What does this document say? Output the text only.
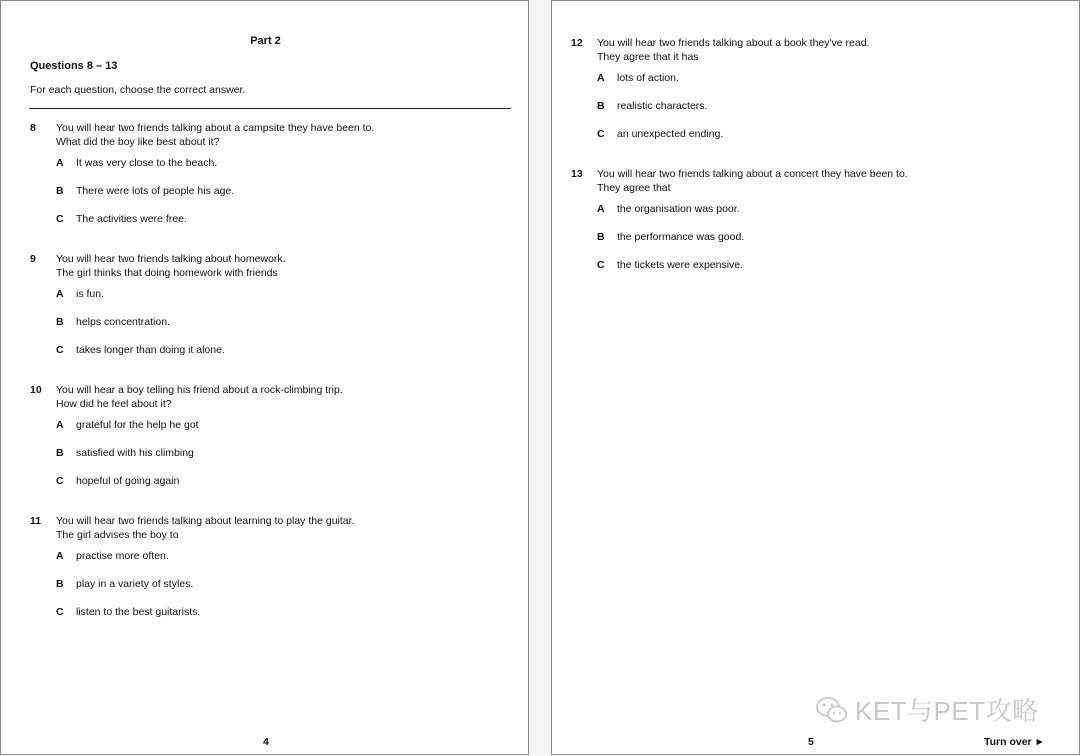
Part 2
Questions 8 – 13
For each question, choose the correct answer.
8 You will hear two friends talking about a campsite they have been to.
What did the boy like best about it?
A It was very close to the beach.
B There were lots of people his age.
C The activities were free.
9 You will hear two friends talking about homework.
The girl thinks that doing homework with friends
A is fun.
B helps concentration.
C takes longer than doing it alone.
10 You will hear a boy telling his friend about a rock-climbing trip.
How did he feel about it?
A grateful for the help he got
B satisfied with his climbing
C hopeful of going again
11 You will hear two friends talking about learning to play the guitar.
The girl advises the boy to
A practise more often.
B play in a variety of styles.
C listen to the best guitarists.
4
12 You will hear two friends talking about a book they've read.
They agree that it has
A lots of action.
B realistic characters.
C an unexpected ending.
13 You will hear two friends talking about a concert they have been to.
They agree that
A the organisation was poor.
B the performance was good.
C the tickets were expensive.
KET与PET攻略
5	Turn over ►
